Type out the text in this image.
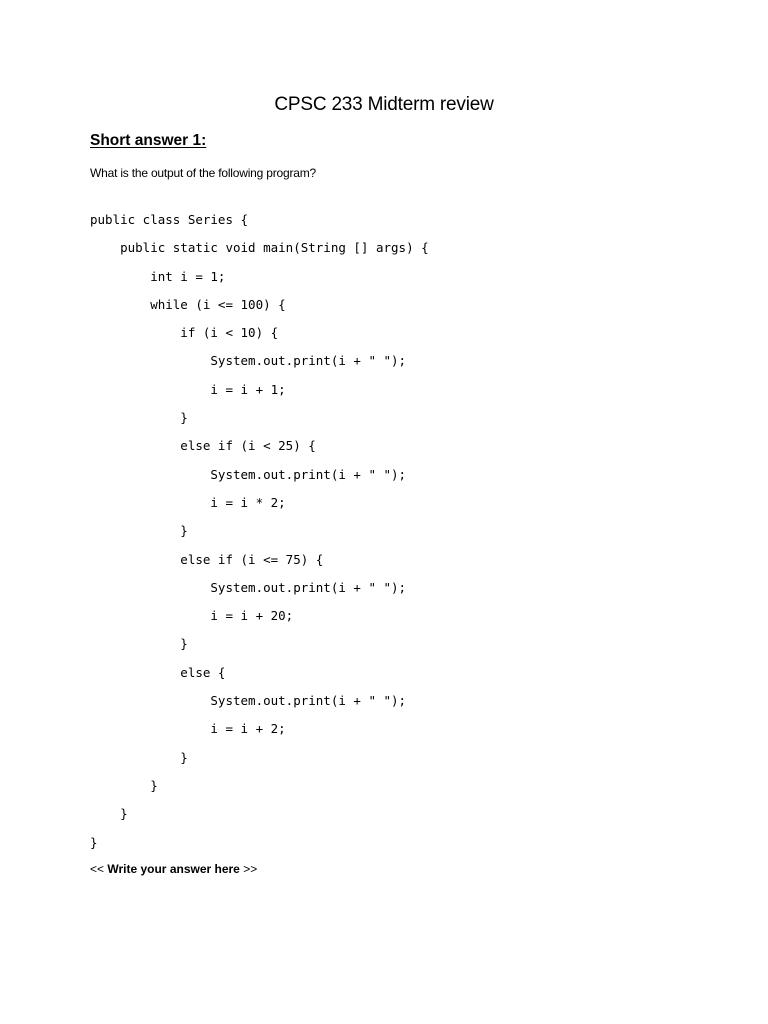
CPSC 233 Midterm review
Short answer 1:
What is the output of the following program?
public class Series {
public static void main(String [] args) {
int i = 1;
while (i <= 100) {
if (i < 10) {
System.out.print(i + " ");
i = i + 1;
}
else if (i < 25) {
System.out.print(i + " ");
i = i * 2;
}
else if (i <= 75) {
System.out.print(i + " ");
i = i + 20;
}
else {
System.out.print(i + " ");
i = i + 2;
}
}
}
}
<< Write your answer here >>
